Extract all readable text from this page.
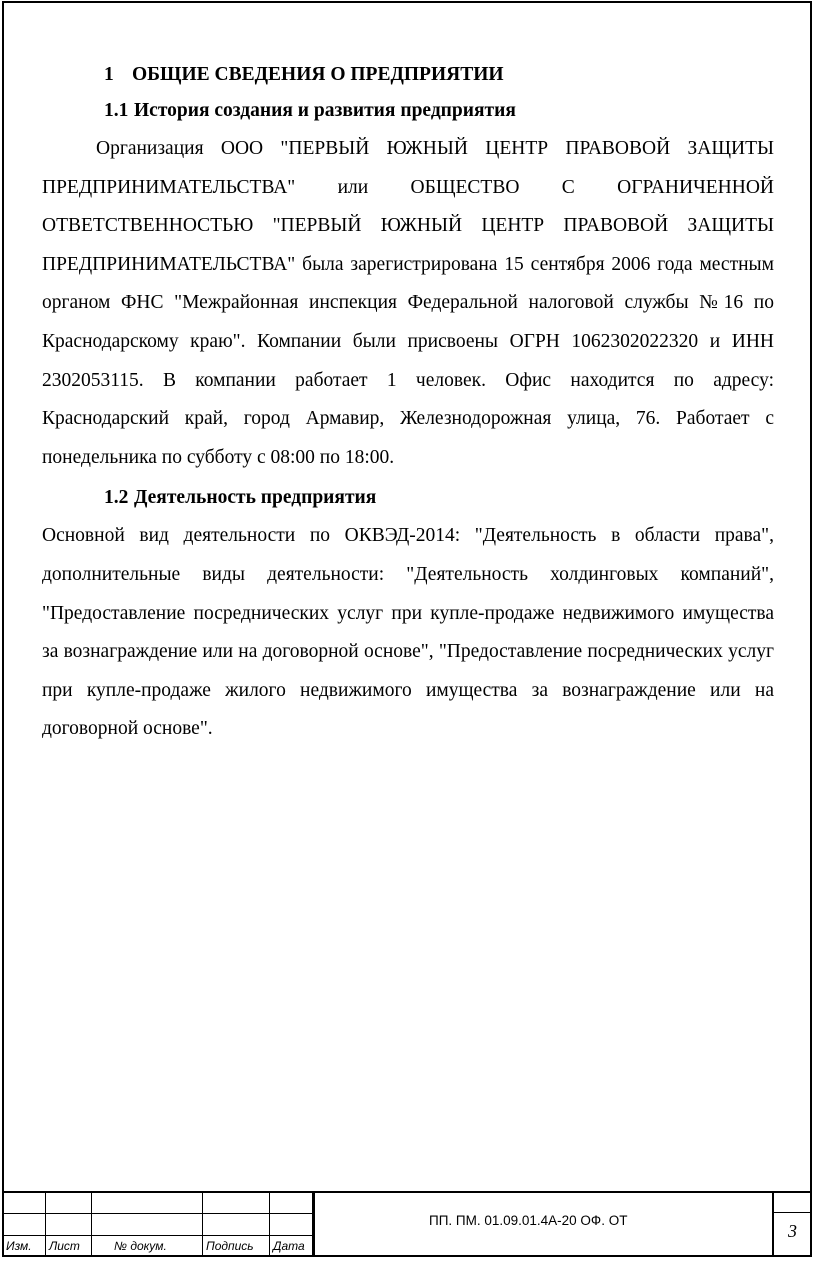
1 ОБЩИЕ СВЕДЕНИЯ О ПРЕДПРИЯТИИ
1.1 История создания и развития предприятия

Организация ООО "ПЕРВЫЙ ЮЖНЫЙ ЦЕНТР ПРАВОВОЙ ЗАЩИТЫ ПРЕДПРИНИМАТЕЛЬСТВА" или ОБЩЕСТВО С ОГРАНИЧЕННОЙ ОТВЕТСТВЕННОСТЬЮ "ПЕРВЫЙ ЮЖНЫЙ ЦЕНТР ПРАВОВОЙ ЗАЩИТЫ ПРЕДПРИНИМАТЕЛЬСТВА" была зарегистрирована 15 сентября 2006 года местным органом ФНС "Межрайонная инспекция Федеральной налоговой службы №16 по Краснодарскому краю". Компании были присвоены ОГРН 1062302022320 и ИНН 2302053115. В компании работает 1 человек. Офис находится по адресу: Краснодарский край, город Армавир, Железнодорожная улица, 76. Работает с понедельника по субботу с 08:00 по 18:00.

1.2 Деятельность предприятия

Основной вид деятельности по ОКВЭД-2014: "Деятельность в области права", дополнительные виды деятельности: "Деятельность холдинговых компаний", "Предоставление посреднических услуг при купле-продаже недвижимого имущества за вознаграждение или на договорной основе", "Предоставление посреднических услуг при купле-продаже жилого недвижимого имущества за вознаграждение или на договорной основе".

Изм.	Лист	№ докум.	Подпись	Дата
ПП. ПМ. 01.09.01.4А-20 ОФ. ОТ
3
